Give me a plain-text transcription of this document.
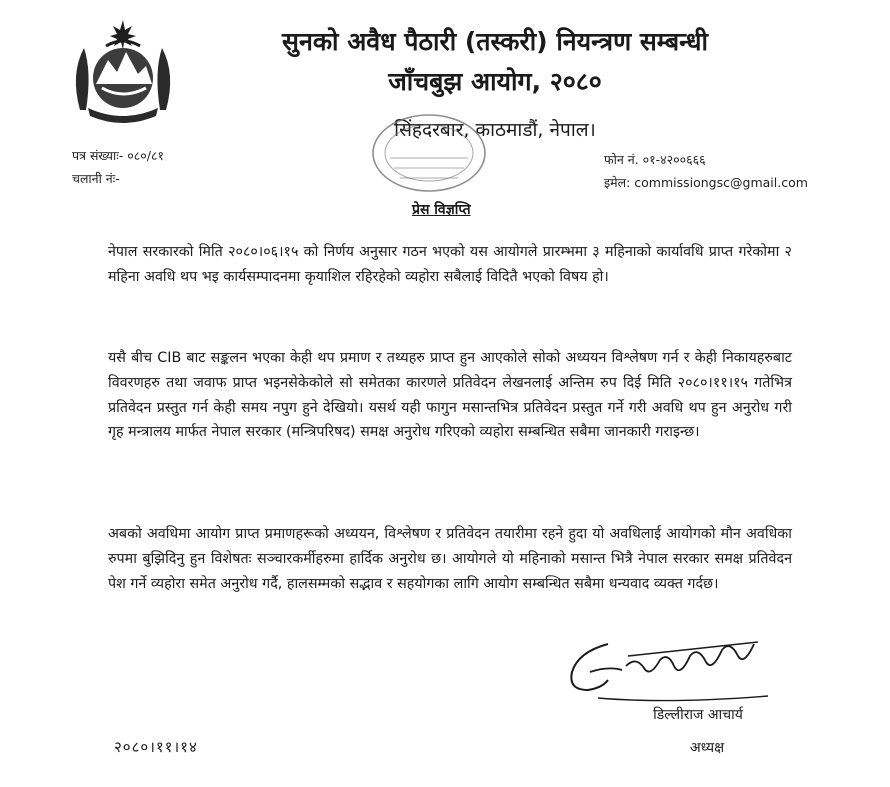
सुनको अवैध पैठारी (तस्करी) नियन्त्रण सम्बन्धी
जाँचबुझ आयोग, २०८०
सिंहदरबार, काठमाडौं, नेपाल।
पत्र संख्याः- ०८०/८१
चलानी नंः-
फोन नं. ०१-४२००६६६
इमेल: commissiongsc@gmail.com
प्रेस विज्ञप्ति

नेपाल सरकारको मिति २०८०।०६।१५ को निर्णय अनुसार गठन भएको यस आयोगले प्रारम्भमा ३ महिनाको कार्यावधि प्राप्त गरेकोमा २ महिना अवधि थप भइ कार्यसम्पादनमा कृयाशिल रहिरहेको व्यहोरा सबैलाई विदितै भएको विषय हो।

यसै बीच CIB बाट सङ्कलन भएका केही थप प्रमाण र तथ्यहरु प्राप्त हुन आएकोले सोको अध्ययन विश्लेषण गर्न र केही निकायहरुबाट विवरणहरु तथा जवाफ प्राप्त भइनसेकेकोले सो समेतका कारणले प्रतिवेदन लेखनलाई अन्तिम रुप दिई मिति २०८०।११।१५ गतेभित्र प्रतिवेदन प्रस्तुत गर्न केही समय नपुग हुने देखियो। यसर्थ यही फागुन मसान्तभित्र प्रतिवेदन प्रस्तुत गर्ने गरी अवधि थप हुन अनुरोध गरी गृह मन्त्रालय मार्फत नेपाल सरकार (मन्त्रिपरिषद) समक्ष अनुरोध गरिएको व्यहोरा सम्बन्धित सबैमा जानकारी गराइन्छ।

अबको अवधिमा आयोग प्राप्त प्रमाणहरूको अध्ययन, विश्लेषण र प्रतिवेदन तयारीमा रहने हुदा यो अवधिलाई आयोगको मौन अवधिका रुपमा बुझिदिनु हुन विशेषतः सञ्चारकर्मीहरुमा हार्दिक अनुरोध छ। आयोगले यो महिनाको मसान्त भित्रै नेपाल सरकार समक्ष प्रतिवेदन पेश गर्ने व्यहोरा समेत अनुरोध गर्दै, हालसम्मको सद्भाव र सहयोगका लागि आयोग सम्बन्धित सबैमा धन्यवाद व्यक्त गर्दछ।

डिल्लीराज आचार्य
अध्यक्ष
२०८०।११।१४
